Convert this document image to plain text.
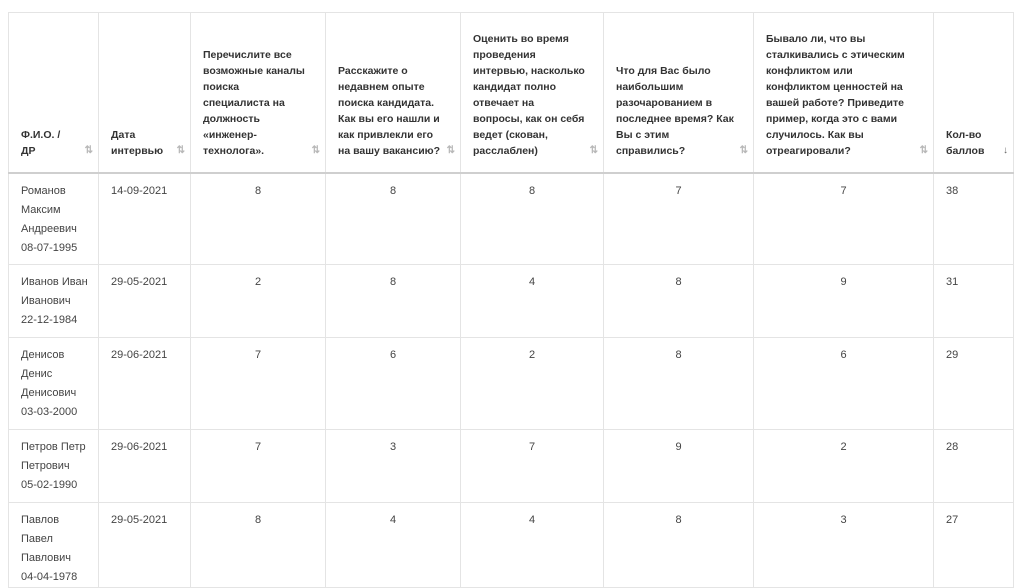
Ф.И.О. /
ДР ⇅	Дата интервью ⇅	Перечислите все возможные каналы поиска специалиста на должность «инженер-технолога». ⇅	Расскажите о недавнем опыте поиска кандидата. Как вы его нашли и как привлекли его на вашу вакансию? ⇅	Оценить во время проведения интервью, насколько кандидат полно отвечает на вопросы, как он себя ведет (скован, расслаблен) ⇅	Что для Вас было наибольшим разочарованием в последнее время? Как Вы с этим справились? ⇅	Бывало ли, что вы сталкивались с этическим конфликтом или конфликтом ценностей на вашей работе? Приведите пример, когда это с вами случилось. Как вы отреагировали? ⇅	Кол-во баллов ↓

Романов Максим Андреевич
08-07-1995	14-09-2021	8	8	8	7	7	38
Иванов Иван Иванович
22-12-1984	29-05-2021	2	8	4	8	9	31
Денисов Денис Денисович
03-03-2000	29-06-2021	7	6	2	8	6	29
Петров Петр Петрович
05-02-1990	29-06-2021	7	3	7	9	2	28
Павлов Павел Павлович
04-04-1978	29-05-2021	8	4	4	8	3	27
